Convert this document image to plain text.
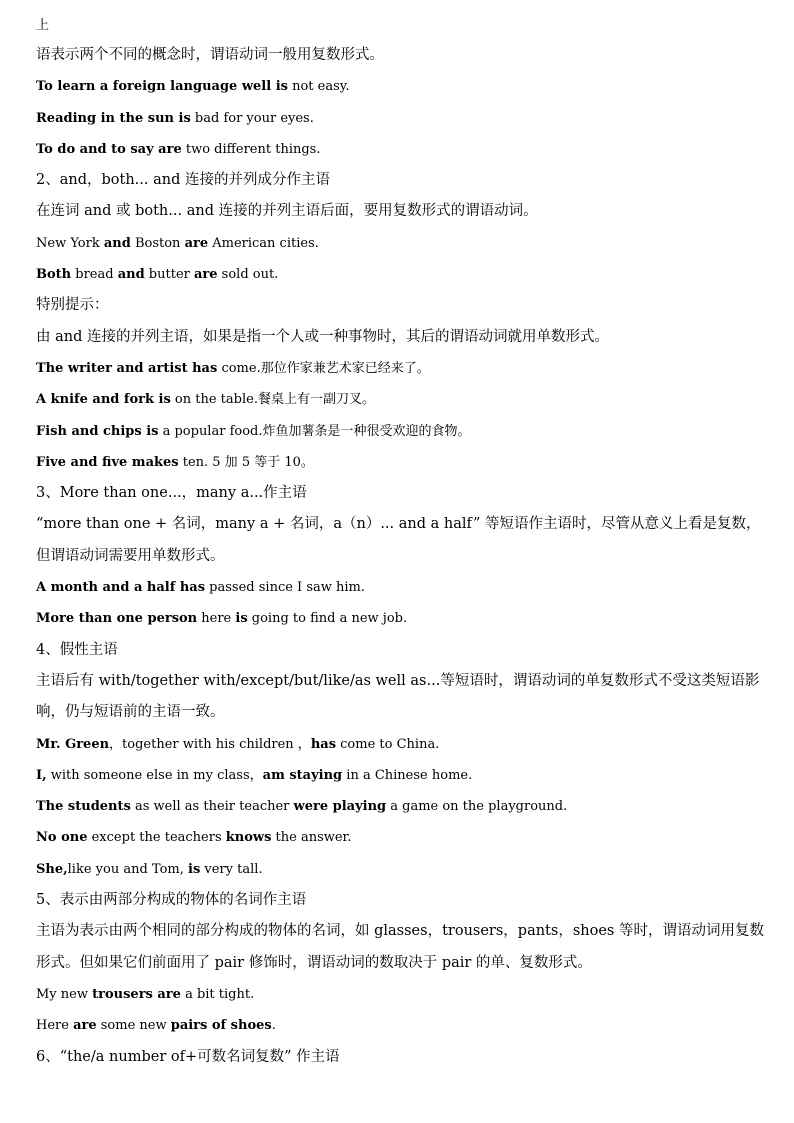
上
语表示两个不同的概念时，谓语动词一般用复数形式。
To learn a foreign language well is not easy.
Reading in the sun is bad for your eyes.
To do and to say are two different things.
2、and，both... and 连接的并列成分作主语
在连词 and 或 both... and 连接的并列主语后面，要用复数形式的谓语动词。
New York and Boston are American cities.
Both bread and butter are sold out.
特别提示：
由 and 连接的并列主语，如果是指一个人或一种事物时，其后的谓语动词就用单数形式。
The writer and artist has come.那位作家兼艺术家已经来了。
A knife and fork is on the table.餐桌上有一副刀叉。
Fish and chips is a popular food.炸鱼加薯条是一种很受欢迎的食物。
Five and five makes ten. 5 加 5 等于 10。
3、More than one...，many a...作主语
“more than one + 名词，many a + 名词，a（n）... and a half” 等短语作主语时，尽管从意义上看是复数，但谓语动词需要用单数形式。
A month and a half has passed since I saw him.
More than one person here is going to find a new job.
4、假性主语
主语后有 with/together with/except/but/like/as well as...等短语时，谓语动词的单复数形式不受这类短语影响，仍与短语前的主语一致。
Mr. Green，together with his children ，has come to China.
I, with someone else in my class，am staying in a Chinese home.
The students as well as their teacher were playing a game on the playground.
No one except the teachers knows the answer.
She,like you and Tom, is very tall.
5、表示由两部分构成的物体的名词作主语
主语为表示由两个相同的部分构成的物体的名词，如 glasses，trousers，pants，shoes 等时，谓语动词用复数形式。但如果它们前面用了 pair 修饰时，谓语动词的数取决于 pair 的单、复数形式。
My new trousers are a bit tight.
Here are some new pairs of shoes.
6、“the/a number of+可数名词复数” 作主语
